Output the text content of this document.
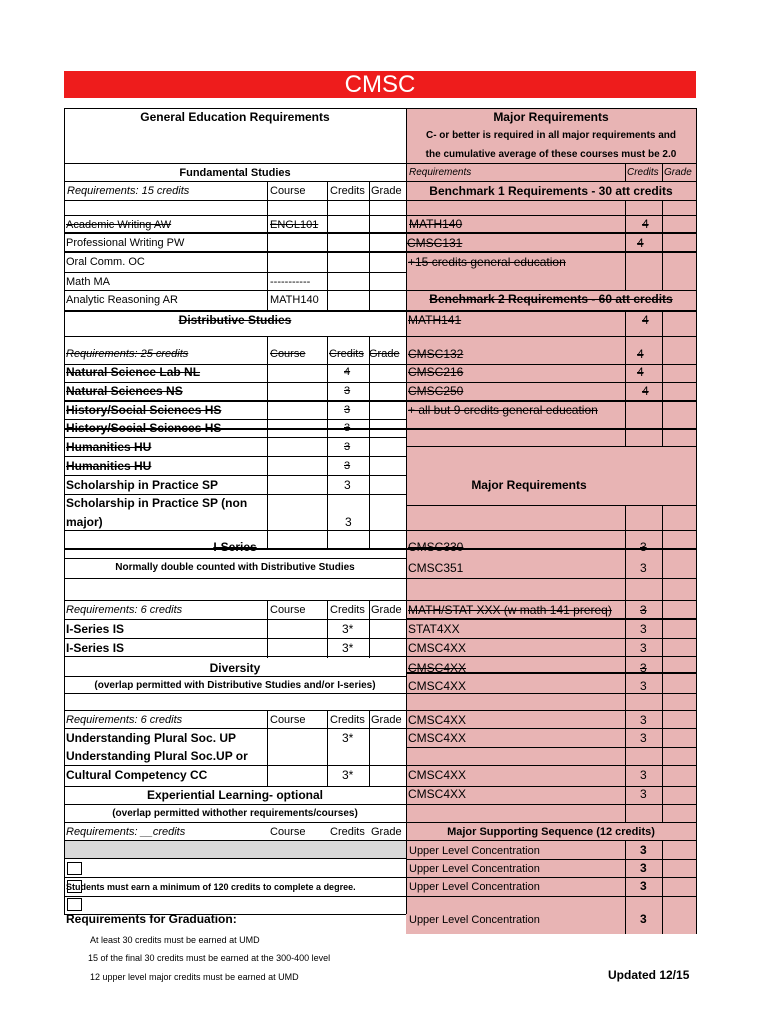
CMSC
General Education Requirements
Fundamental Studies
Requirements: 15 credits	Course Credits Grade
Academic Writing AW	ENGL101
Professional Writing PW
Oral Comm. OC
Math MA	-----------
Analytic Reasoning AR	MATH140
Distributive Studies
Requirements: 25 credits	Course Credits Grade
Natural Science Lab NL	4
Natural Sciences NS	3
History/Social Sciences HS	3
History/Social Sciences HS	3
Humanities HU	3
Humanities HU	3
Scholarship in Practice SP	3
Scholarship in Practice SP (non
major)	3
I-Series
Normally double counted with Distributive Studies
Requirements: 6 credits	Course Credits Grade
I-Series IS	3*
I-Series IS	3*
Diversity
(overlap permitted with Distributive Studies and/or I-series)
Requirements: 6 credits	Course Credits Grade
Understanding Plural Soc. UP	3*
Understanding Plural Soc.UP or
Cultural Competency CC	3*
Experiential Learning- optional
(overlap permitted withother requirements/courses)
Requirements: __credits	Course Credits Grade
Students must earn a minimum of 120 credits to complete a degree.
Requirements for Graduation:
At least 30 credits must be earned at UMD
15 of the final 30 credits must be earned at the 300-400 level
12 upper level major credits must be earned at UMD
Major Requirements
C- or better is required in all major requirements and
the cumulative average of these courses must be 2.0
Requirements	Credits Grade
Benchmark 1 Requirements - 30 att credits
MATH140	4
CMSC131	4
+15 credits general education
Benchmark 2 Requirements - 60 att credits
MATH141	4
CMSC132	4
CMSC216	4
CMSC250	4
+ all but 9 credits general education
Major Requirements
CMSC330	3
CMSC351	3
MATH/STAT XXX (w math 141 prereq) 3
STAT4XX	3
CMSC4XX	3
CMSC4XX	3
CMSC4XX	3
CMSC4XX	3
CMSC4XX	3
CMSC4XX	3
CMSC4XX	3
Major Supporting Sequence (12 credits)
Upper Level Concentration	3
Upper Level Concentration	3
Upper Level Concentration	3
Upper Level Concentration	3
Updated 12/15
